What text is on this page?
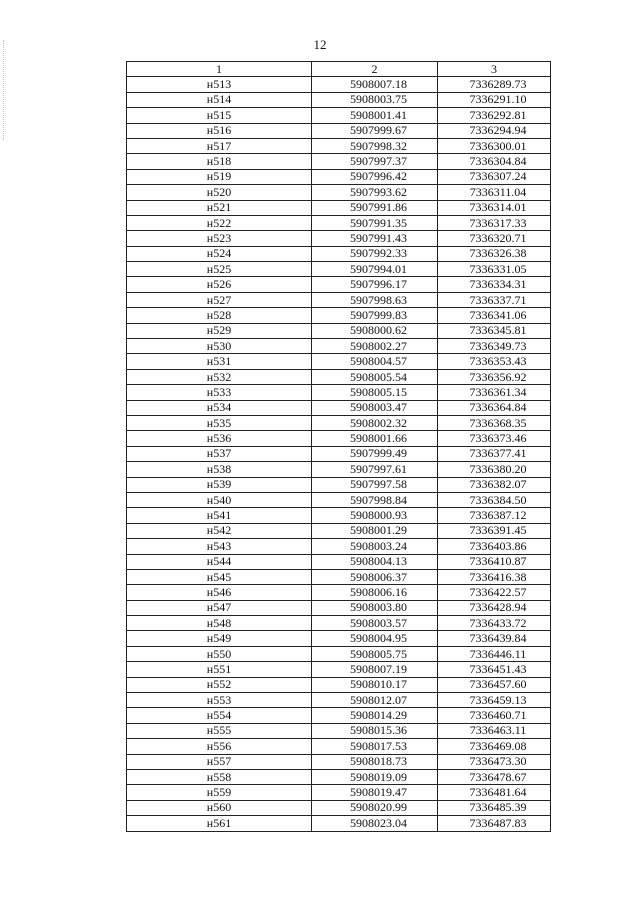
12
1	2	3
н513	5908007.18	7336289.73
н514	5908003.75	7336291.10
н515	5908001.41	7336292.81
н516	5907999.67	7336294.94
н517	5907998.32	7336300.01
н518	5907997.37	7336304.84
н519	5907996.42	7336307.24
н520	5907993.62	7336311.04
н521	5907991.86	7336314.01
н522	5907991.35	7336317.33
н523	5907991.43	7336320.71
н524	5907992.33	7336326.38
н525	5907994.01	7336331.05
н526	5907996.17	7336334.31
н527	5907998.63	7336337.71
н528	5907999.83	7336341.06
н529	5908000.62	7336345.81
н530	5908002.27	7336349.73
н531	5908004.57	7336353.43
н532	5908005.54	7336356.92
н533	5908005.15	7336361.34
н534	5908003.47	7336364.84
н535	5908002.32	7336368.35
н536	5908001.66	7336373.46
н537	5907999.49	7336377.41
н538	5907997.61	7336380.20
н539	5907997.58	7336382.07
н540	5907998.84	7336384.50
н541	5908000.93	7336387.12
н542	5908001.29	7336391.45
н543	5908003.24	7336403.86
н544	5908004.13	7336410.87
н545	5908006.37	7336416.38
н546	5908006.16	7336422.57
н547	5908003.80	7336428.94
н548	5908003.57	7336433.72
н549	5908004.95	7336439.84
н550	5908005.75	7336446.11
н551	5908007.19	7336451.43
н552	5908010.17	7336457.60
н553	5908012.07	7336459.13
н554	5908014.29	7336460.71
н555	5908015.36	7336463.11
н556	5908017.53	7336469.08
н557	5908018.73	7336473.30
н558	5908019.09	7336478.67
н559	5908019.47	7336481.64
н560	5908020.99	7336485.39
н561	5908023.04	7336487.83
